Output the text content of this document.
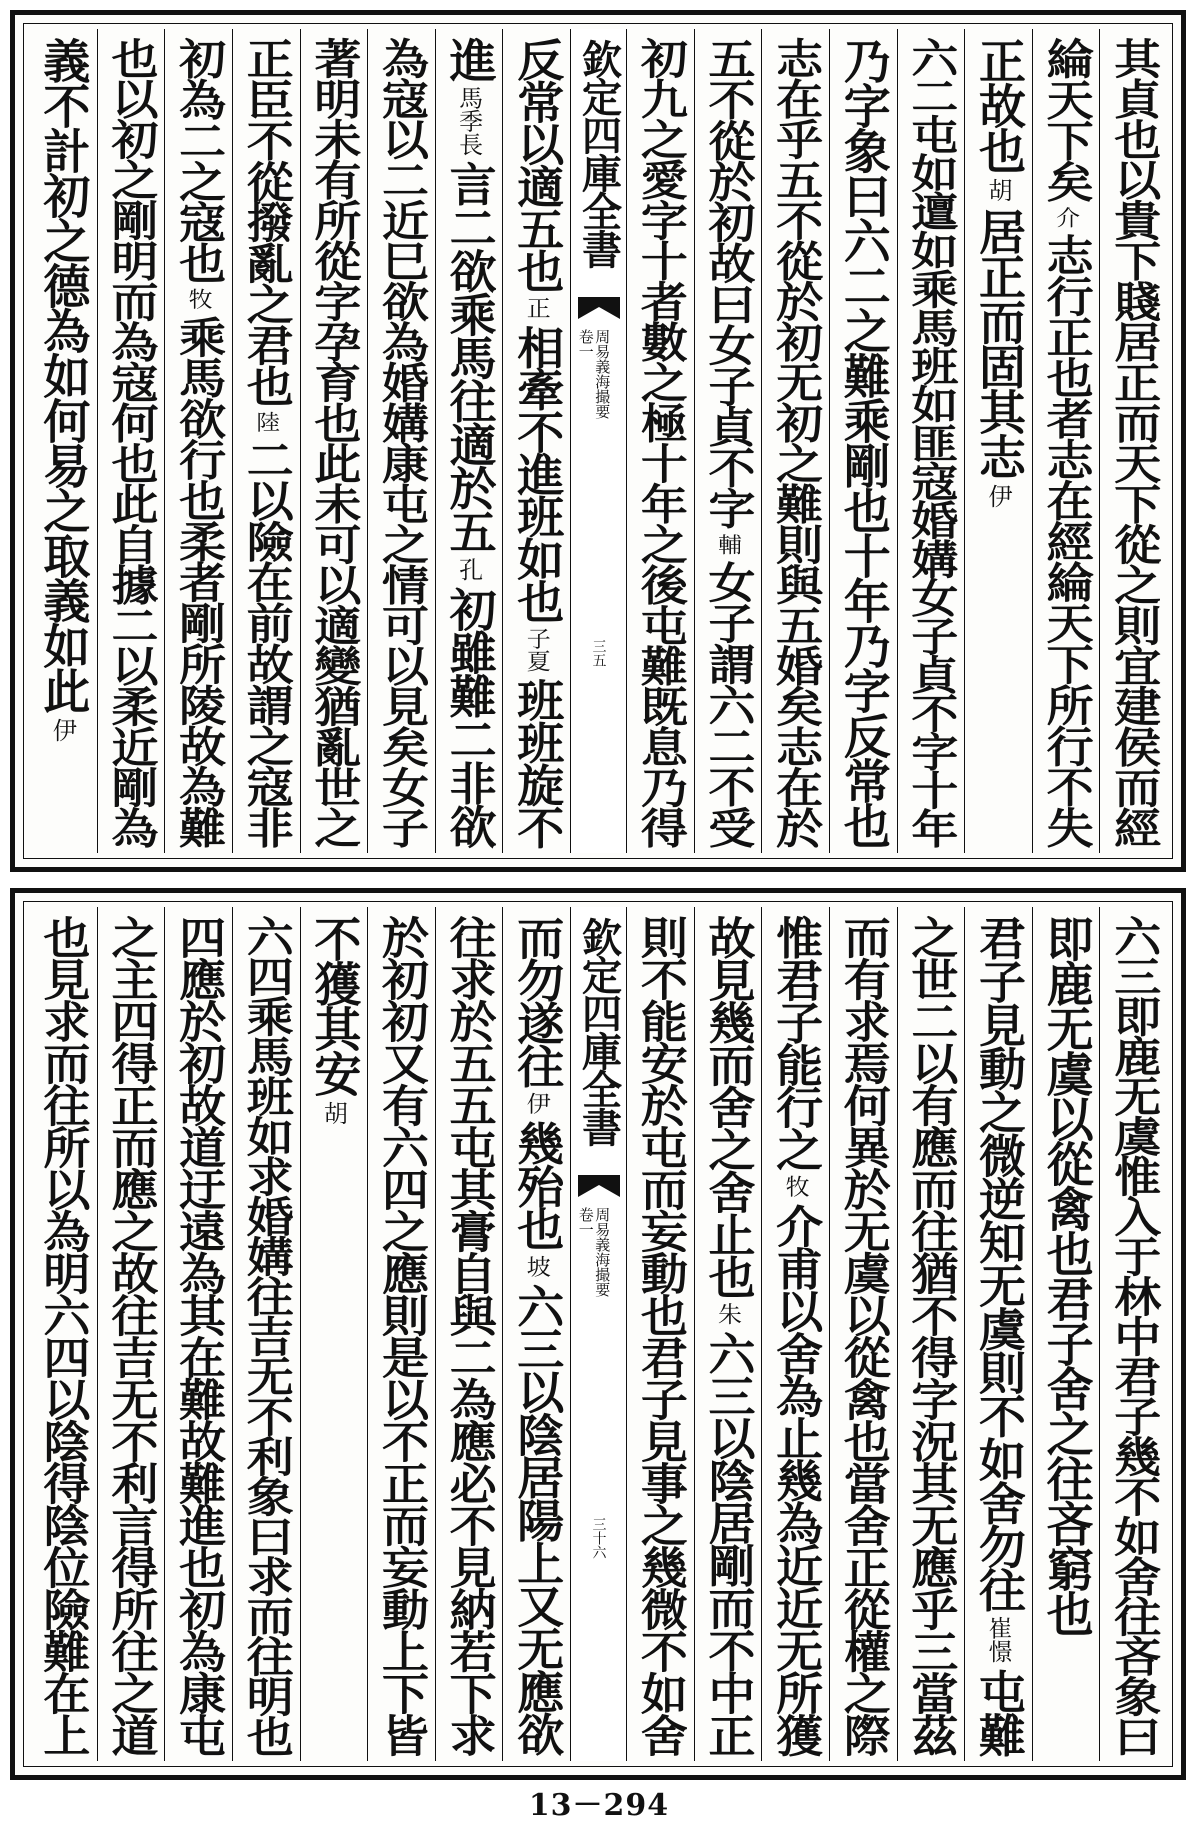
義不計初之德為如何易之取義如此伊 也以初之剛明而為寇何也此自據二以柔近剛為 初為二之寇也牧乘馬欲行也柔者剛所陵故為難
正臣不從撥亂之君也陸二以險在前故謂之寇非 著明未有所從字孕育也此未可以適變猶亂世之 為寇以二近巳欲為婚媾康屯之情可以見矣女子 進馬季長言二欲乘馬往適於五孔初雖難二非欲
反常以適五也正相牽不進班如也子夏班班旋不
欽定四庫全書
周易義海撮要
卷一
三五 初九之愛字十者數之極十年之後屯難既息乃得 五不從於初故曰女子貞不字輔女子謂六二不受 志在乎五不從於初无初之難則與五婚矣志在於 乃字象曰六二之難乘剛也十年乃字反常也 六二屯如邅如乘馬班如匪寇婚媾女子貞不字十年 正故也胡居正而固其志伊
綸天下矣介志行正也者志在經綸天下所行不失 其貞也以貴下賤居正而天下從之則宜建侯而經
也見求而往所以為明六四以陰得陰位險難在上 之主四得正而應之故往吉无不利言得所往之道 四應於初故道迂遠為其在難故難進也初為康屯 六四乘馬班如求婚媾往吉无不利象曰求而往明也 不獲其安胡 於初初又有六四之應則是以不正而妄動上下皆 往求於五五屯其膏自與二為應必不見納若下求 而勿遂往伊幾殆也坡六三以陰居陽上又无應欲
欽定四庫全書
周易義海撮要
卷一
三十六 則不能安於屯而妄動也君子見事之幾微不如舍 故見幾而舍之舍止也朱六三以陰居剛而不中正
惟君子能行之牧介甫以舍為止幾為近近无所獲 而有求焉何異於无虞以從禽也當舍正從權之際 之世二以有應而往猶不得字況其无應乎三當茲 君子見動之微逆知无虞則不如舍勿往崔憬屯難
即鹿无虞以從禽也君子舍之往吝窮也 六三即鹿无虞惟入于林中君子幾不如舍往吝象曰
13－294
